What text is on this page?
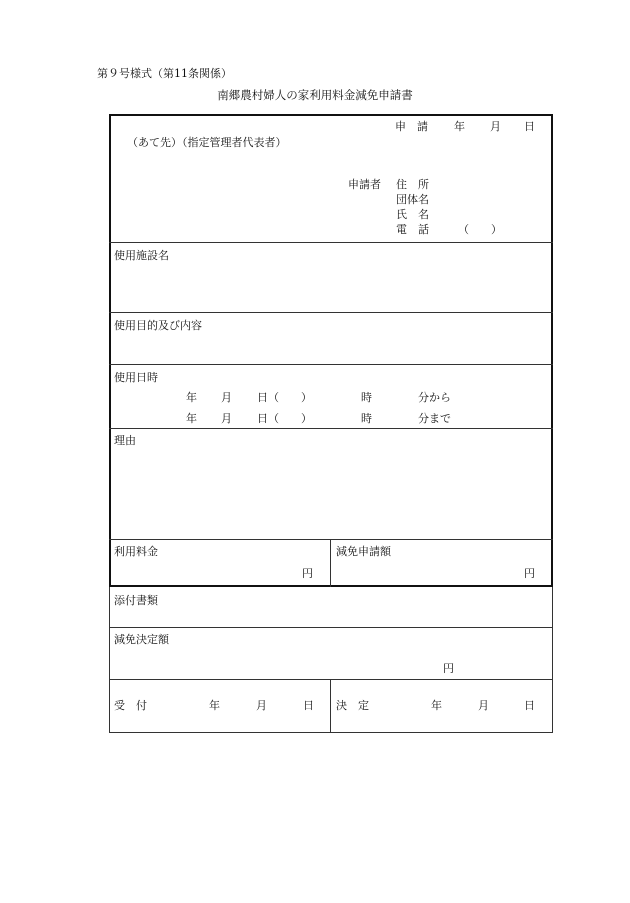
第９号様式（第11条関係）
南郷農村婦人の家利用料金減免申請書
申　請 年 月 日
（あて先）（指定管理者代表者）
申請者 住　所
団体名
氏　名
電　話	（　　）
使用施設名
使用目的及び内容
使用日時
年 月 日（　　）	時	分から
年 月 日（　　）	時	分まで
理由
利用料金
円
減免申請額
円
添付書類
減免決定額
円
受　付	年	月	日 決　定	年	月	日
